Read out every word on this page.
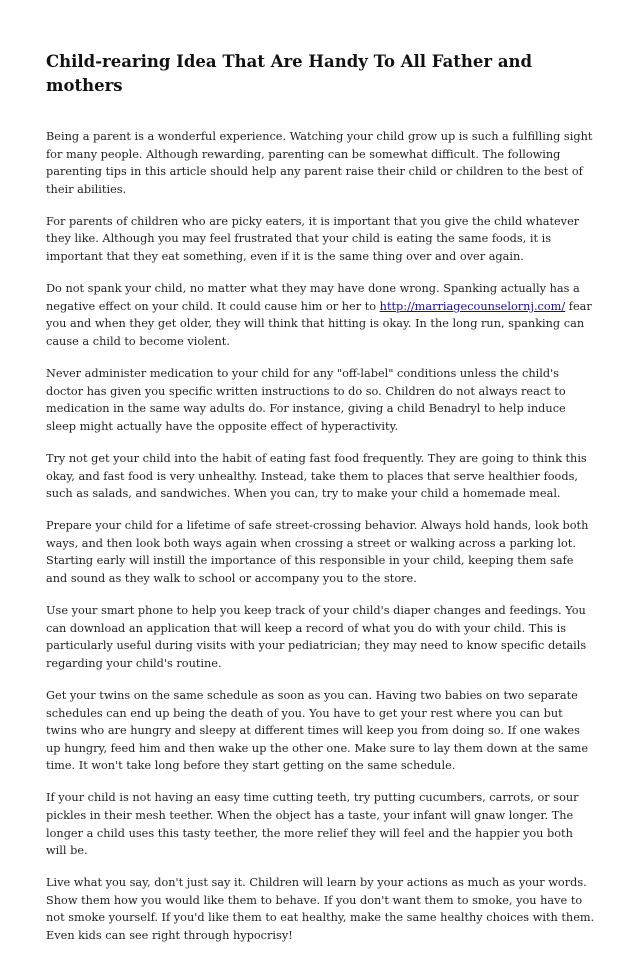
Child-rearing Idea That Are Handy To All Father and mothers

Being a parent is a wonderful experience. Watching your child grow up is such a fulfilling sight for many people. Although rewarding, parenting can be somewhat difficult. The following parenting tips in this article should help any parent raise their child or children to the best of their abilities.

For parents of children who are picky eaters, it is important that you give the child whatever they like. Although you may feel frustrated that your child is eating the same foods, it is important that they eat something, even if it is the same thing over and over again.

Do not spank your child, no matter what they may have done wrong. Spanking actually has a negative effect on your child. It could cause him or her to http://marriagecounselornj.com/ fear you and when they get older, they will think that hitting is okay. In the long run, spanking can cause a child to become violent.

Never administer medication to your child for any "off-label" conditions unless the child's doctor has given you specific written instructions to do so. Children do not always react to medication in the same way adults do. For instance, giving a child Benadryl to help induce sleep might actually have the opposite effect of hyperactivity.

Try not get your child into the habit of eating fast food frequently. They are going to think this okay, and fast food is very unhealthy. Instead, take them to places that serve healthier foods, such as salads, and sandwiches. When you can, try to make your child a homemade meal.

Prepare your child for a lifetime of safe street-crossing behavior. Always hold hands, look both ways, and then look both ways again when crossing a street or walking across a parking lot. Starting early will instill the importance of this responsible in your child, keeping them safe and sound as they walk to school or accompany you to the store.

Use your smart phone to help you keep track of your child's diaper changes and feedings. You can download an application that will keep a record of what you do with your child. This is particularly useful during visits with your pediatrician; they may need to know specific details regarding your child's routine.

Get your twins on the same schedule as soon as you can. Having two babies on two separate schedules can end up being the death of you. You have to get your rest where you can but twins who are hungry and sleepy at different times will keep you from doing so. If one wakes up hungry, feed him and then wake up the other one. Make sure to lay them down at the same time. It won't take long before they start getting on the same schedule.

If your child is not having an easy time cutting teeth, try putting cucumbers, carrots, or sour pickles in their mesh teether. When the object has a taste, your infant will gnaw longer. The longer a child uses this tasty teether, the more relief they will feel and the happier you both will be.

Live what you say, don't just say it. Children will learn by your actions as much as your words. Show them how you would like them to behave. If you don't want them to smoke, you have to not smoke yourself. If you'd like them to eat healthy, make the same healthy choices with them. Even kids can see right through hypocrisy!
